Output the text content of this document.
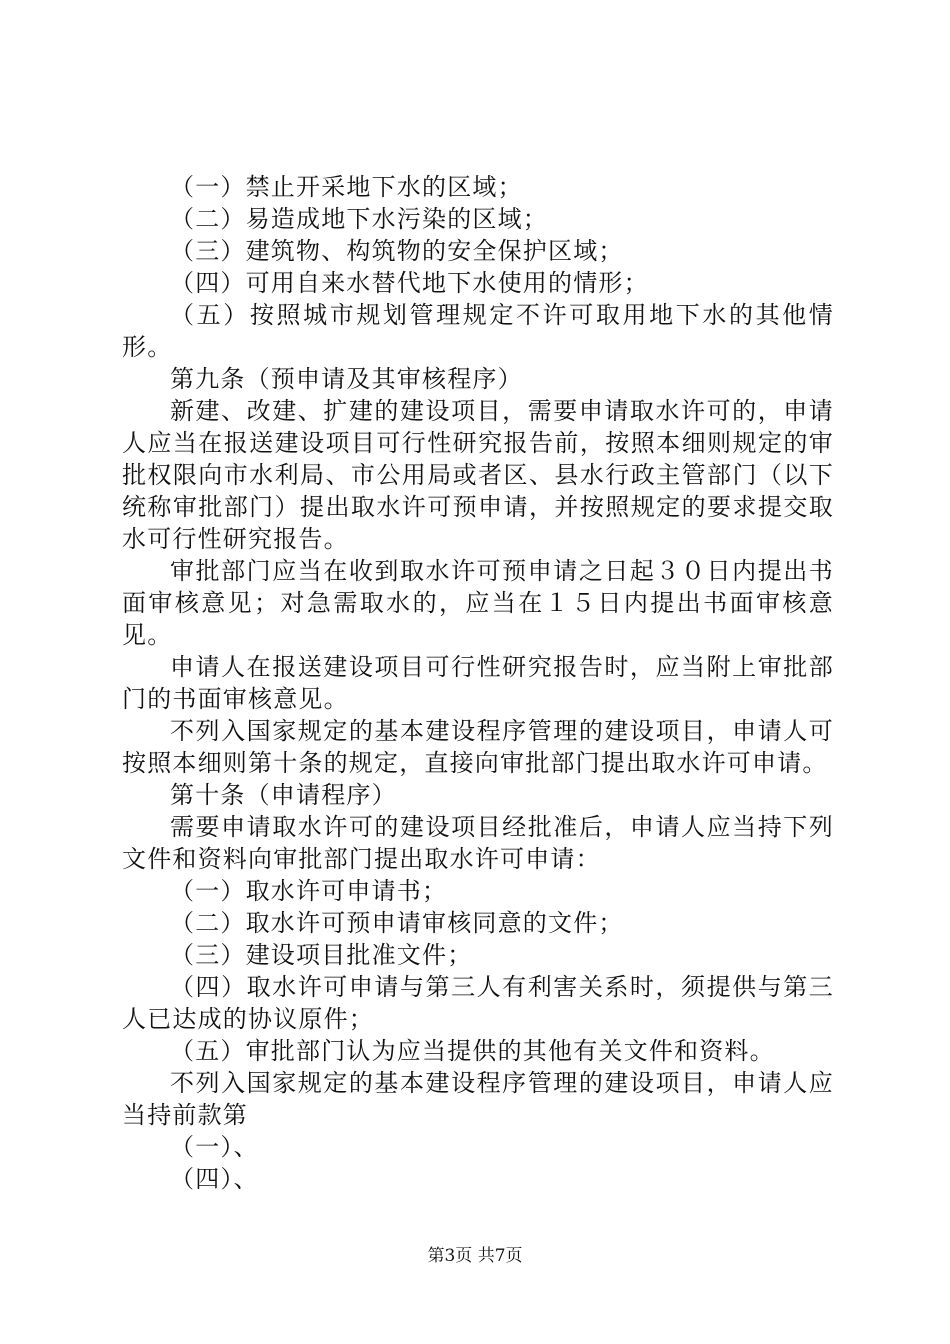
（一）禁止开采地下水的区域；

（二）易造成地下水污染的区域；

（三）建筑物、构筑物的安全保护区域；

（四）可用自来水替代地下水使用的情形；

（五）按照城市规划管理规定不许可取用地下水的其他情形。

第九条（预申请及其审核程序）

新建、改建、扩建的建设项目，需要申请取水许可的，申请人应当在报送建设项目可行性研究报告前，按照本细则规定的审批权限向市水利局、市公用局或者区、县水行政主管部门（以下统称审批部门）提出取水许可预申请，并按照规定的要求提交取水可行性研究报告。

审批部门应当在收到取水许可预申请之日起３０日内提出书面审核意见；对急需取水的，应当在１５日内提出书面审核意见。

申请人在报送建设项目可行性研究报告时，应当附上审批部门的书面审核意见。

不列入国家规定的基本建设程序管理的建设项目，申请人可按照本细则第十条的规定，直接向审批部门提出取水许可申请。

第十条（申请程序）

需要申请取水许可的建设项目经批准后，申请人应当持下列文件和资料向审批部门提出取水许可申请：

（一）取水许可申请书；

（二）取水许可预申请审核同意的文件；

（三）建设项目批准文件；

（四）取水许可申请与第三人有利害关系时，须提供与第三人已达成的协议原件；

（五）审批部门认为应当提供的其他有关文件和资料。

不列入国家规定的基本建设程序管理的建设项目，申请人应当持前款第

（一）、

（四）、

第3页 共7页
